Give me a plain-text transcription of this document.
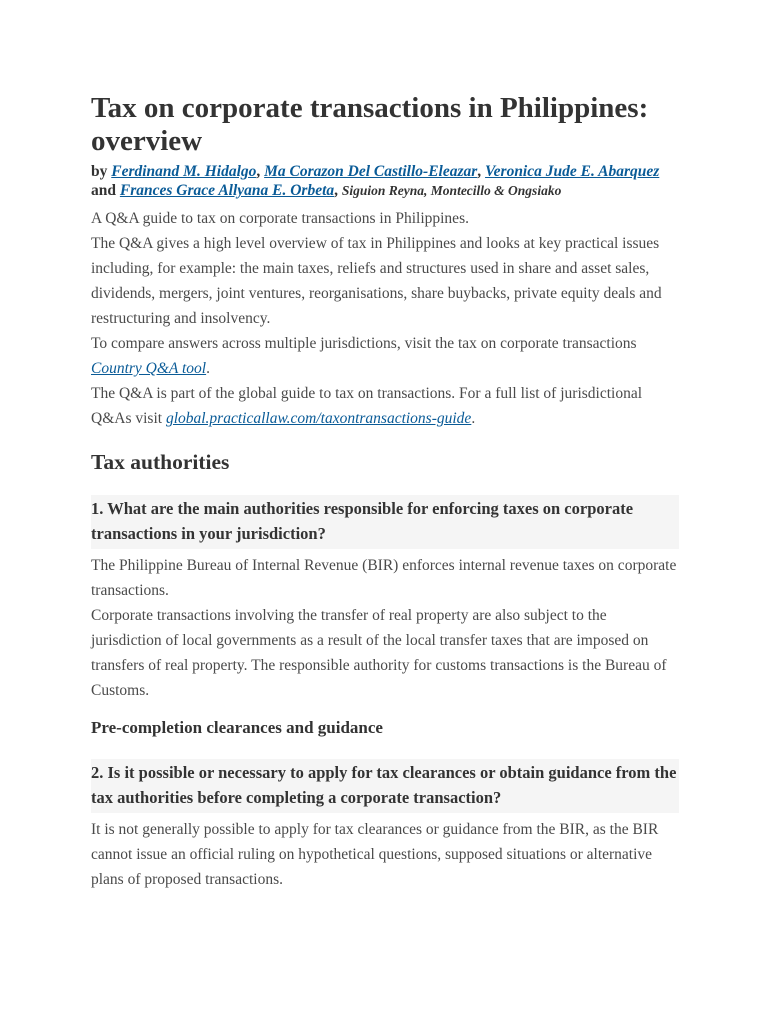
Tax on corporate transactions in Philippines: overview
by Ferdinand M. Hidalgo, Ma Corazon Del Castillo-Eleazar, Veronica Jude E. Abarquez and Frances Grace Allyana E. Orbeta, Siguion Reyna, Montecillo & Ongsiako

A Q&A guide to tax on corporate transactions in Philippines.

The Q&A gives a high level overview of tax in Philippines and looks at key practical issues including, for example: the main taxes, reliefs and structures used in share and asset sales, dividends, mergers, joint ventures, reorganisations, share buybacks, private equity deals and restructuring and insolvency.

To compare answers across multiple jurisdictions, visit the tax on corporate transactions Country Q&A tool.

The Q&A is part of the global guide to tax on transactions. For a full list of jurisdictional Q&As visit global.practicallaw.com/taxontransactions-guide.

Tax authorities
1. What are the main authorities responsible for enforcing taxes on corporate transactions in your jurisdiction?

The Philippine Bureau of Internal Revenue (BIR) enforces internal revenue taxes on corporate transactions.

Corporate transactions involving the transfer of real property are also subject to the jurisdiction of local governments as a result of the local transfer taxes that are imposed on transfers of real property. The responsible authority for customs transactions is the Bureau of Customs.

Pre-completion clearances and guidance
2. Is it possible or necessary to apply for tax clearances or obtain guidance from the tax authorities before completing a corporate transaction?

It is not generally possible to apply for tax clearances or guidance from the BIR, as the BIR cannot issue an official ruling on hypothetical questions, supposed situations or alternative plans of proposed transactions.
